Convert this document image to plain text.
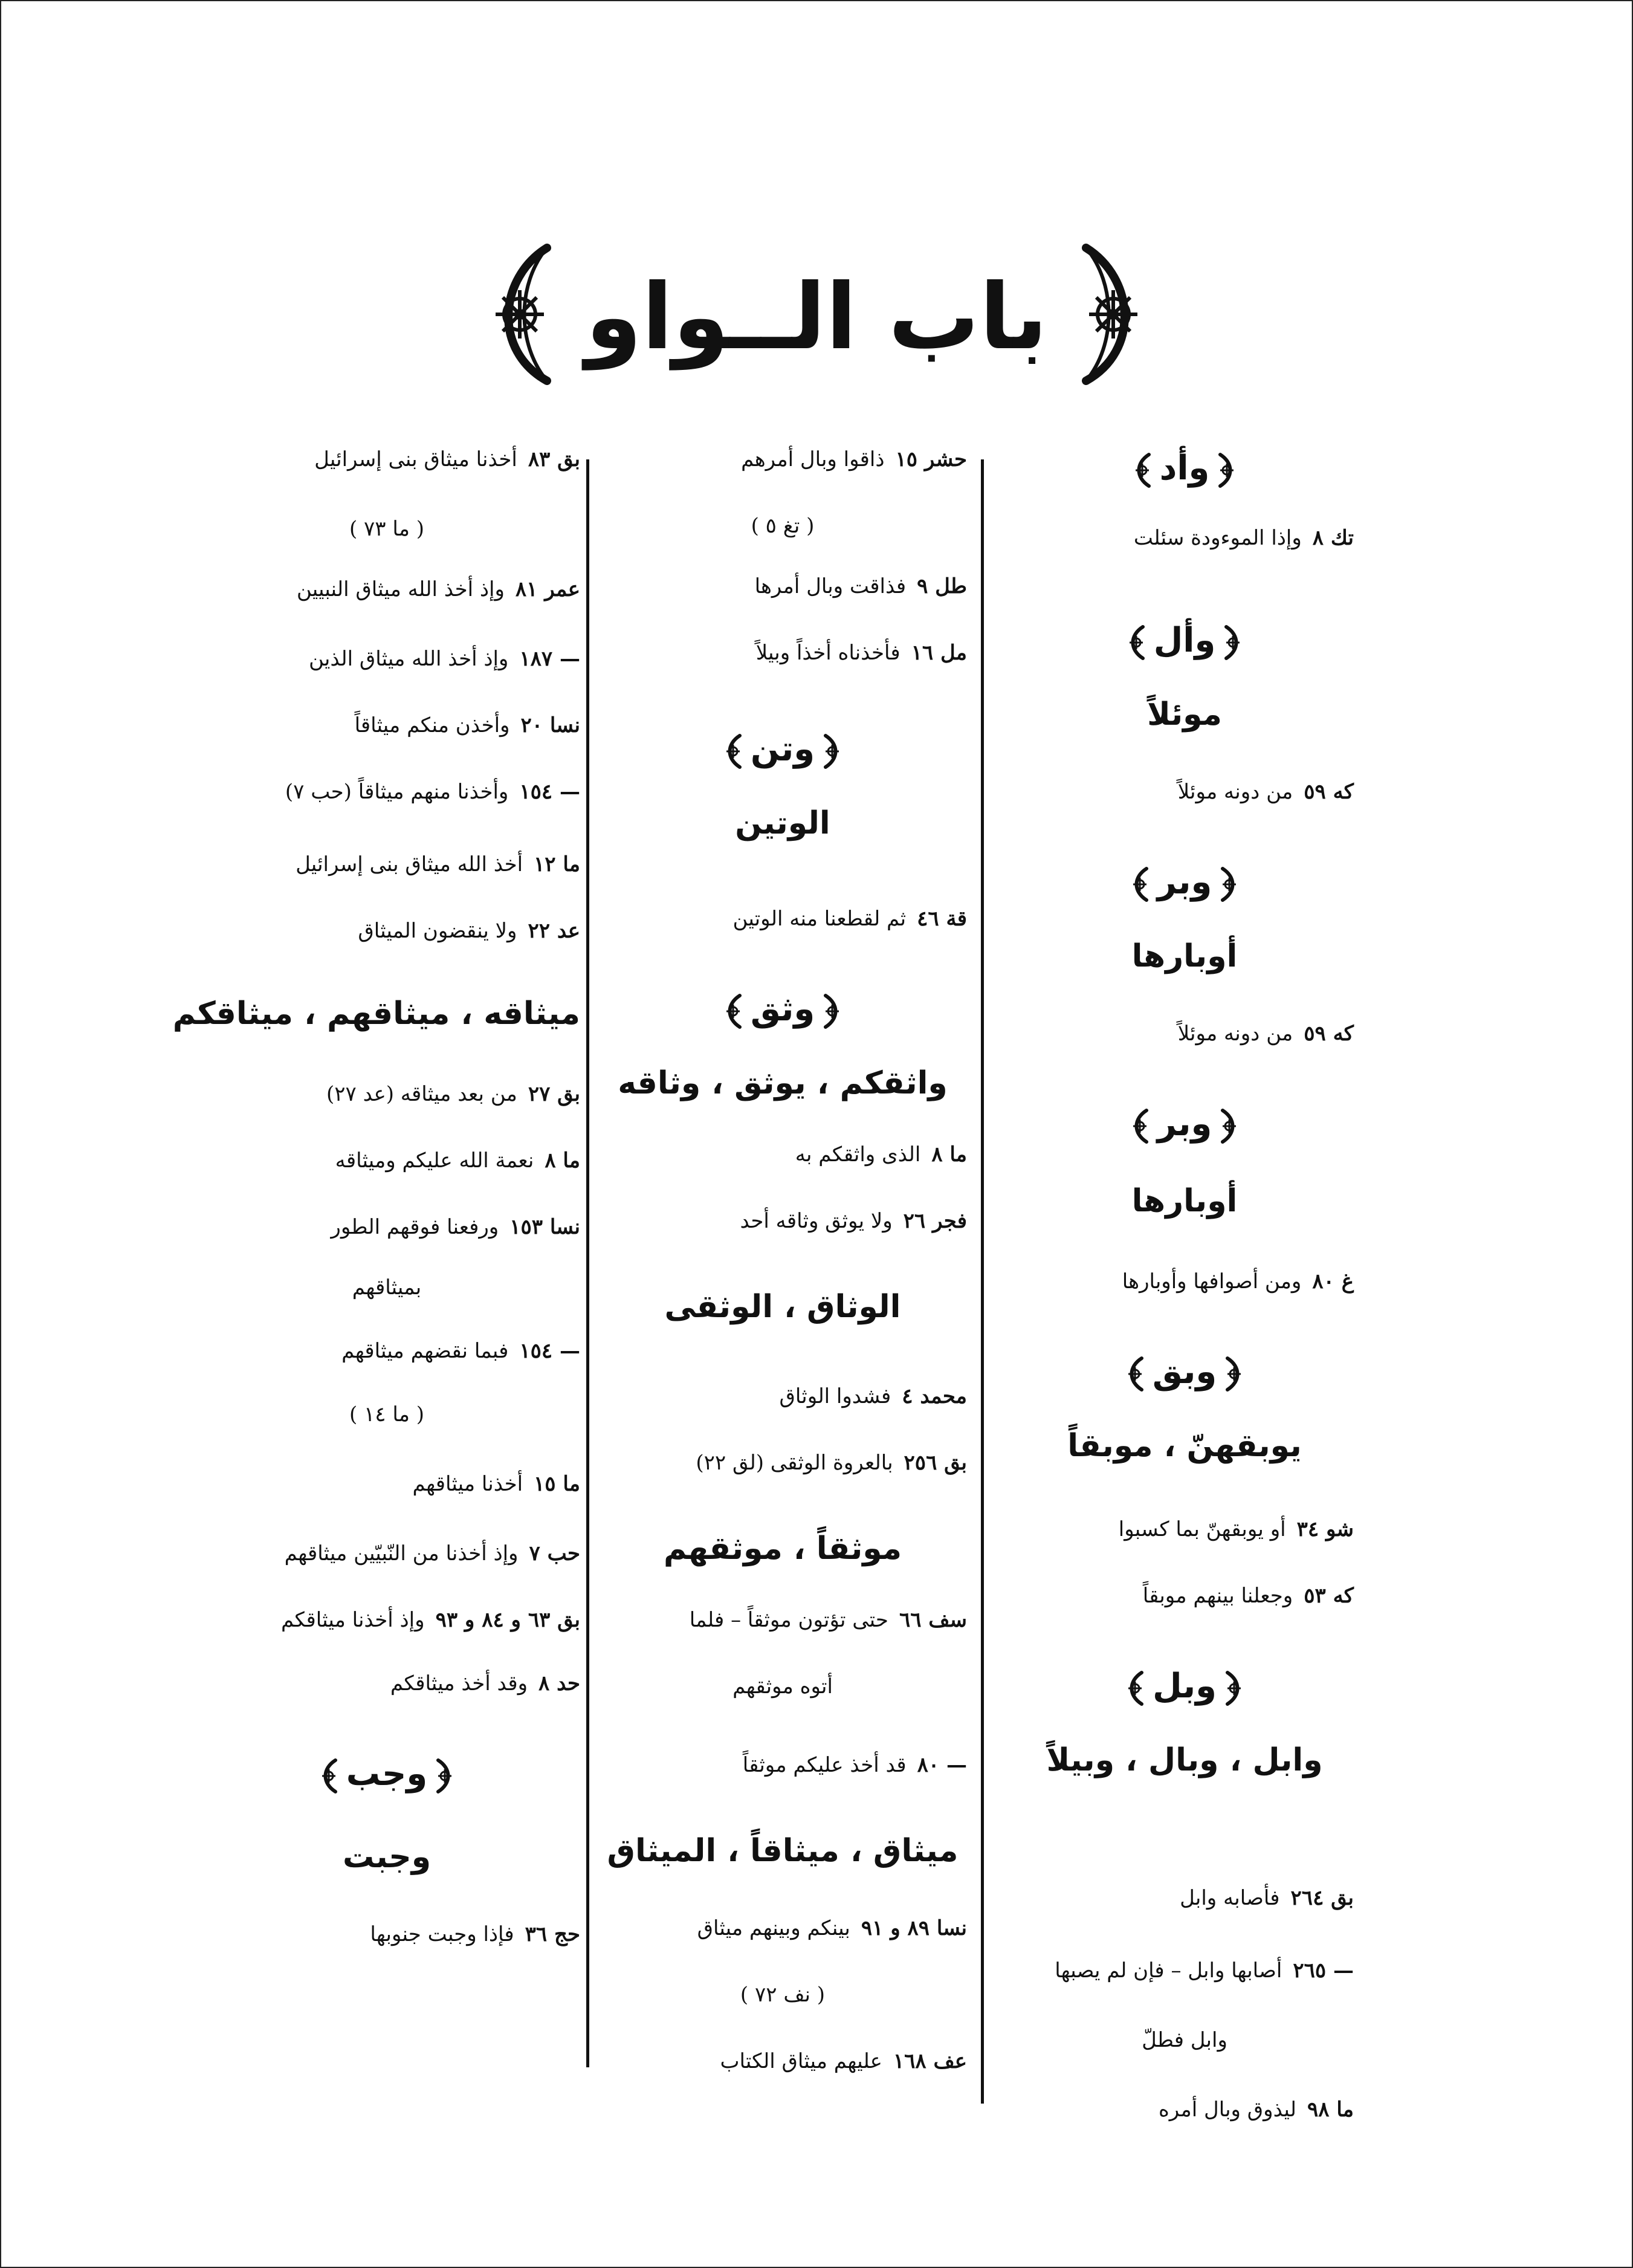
باب الــواو
وأد
تك ٨وإذا الموءودة سئلت
وأل
موئلاً
كه ٥٩من دونه موئلاً
وبر
أوبارها
كه ٥٩من دونه موئلاً
وبر
أوبارها
غ ٨٠ومن أصوافها وأوبارها
وبق
يوبقهنّ ، موبقاً
شو ٣٤أو يوبقهنّ بما كسبوا
كه ٥٣وجعلنا بينهم موبقاً
وبل
وابل ، وبال ، وبيلاً
بق ٢٦٤فأصابه وابل
— ٢٦٥أصابها وابل – فإن لم يصبها
وابل فطلّ
ما ٩٨ليذوق وبال أمره
حشر ١٥ذاقوا وبال أمرهم
( تغ ٥ )
طل ٩فذاقت وبال أمرها
مل ١٦فأخذناه أخذاً وبيلاً
وتن
الوتين
قة ٤٦ثم لقطعنا منه الوتين
وثق
واثقكم ، يوثق ، وثاقه
ما ٨الذى واثقكم به
فجر ٢٦ولا يوثق وثاقه أحد
الوثاق ، الوثقى
محمد ٤فشدوا الوثاق
بق ٢٥٦بالعروة الوثقى (لق ٢٢)
موثقاً ، موثقهم
سف ٦٦حتى تؤتون موثقاً – فلما
أتوه موثقهم
— ٨٠قد أخذ عليكم موثقاً
ميثاق ، ميثاقاً ، الميثاق
نسا ٨٩ و ٩١بينكم وبينهم ميثاق
( نف ٧٢ )
عف ١٦٨عليهم ميثاق الكتاب
بق ٨٣أخذنا ميثاق بنى إسرائيل
( ما ٧٣ )
عمر ٨١وإذ أخذ الله ميثاق النبيين
— ١٨٧وإذ أخذ الله ميثاق الذين
نسا ٢٠وأخذن منكم ميثاقاً
— ١٥٤وأخذنا منهم ميثاقاً (حب ٧)
ما ١٢أخذ الله ميثاق بنى إسرائيل
عد ٢٢ولا ينقضون الميثاق
ميثاقه ، ميثاقهم ، ميثاقكم
بق ٢٧من بعد ميثاقه (عد ٢٧)
ما ٨نعمة الله عليكم وميثاقه
نسا ١٥٣ورفعنا فوقهم الطور
بميثاقهم
— ١٥٤فبما نقضهم ميثاقهم
( ما ١٤ )
ما ١٥أخذنا ميثاقهم
حب ٧وإذ أخذنا من النّبيّين ميثاقهم
بق ٦٣ و ٨٤ و ٩٣وإذ أخذنا ميثاقكم
حد ٨وقد أخذ ميثاقكم
وجب
وجبت
حج ٣٦فإذا وجبت جنوبها
